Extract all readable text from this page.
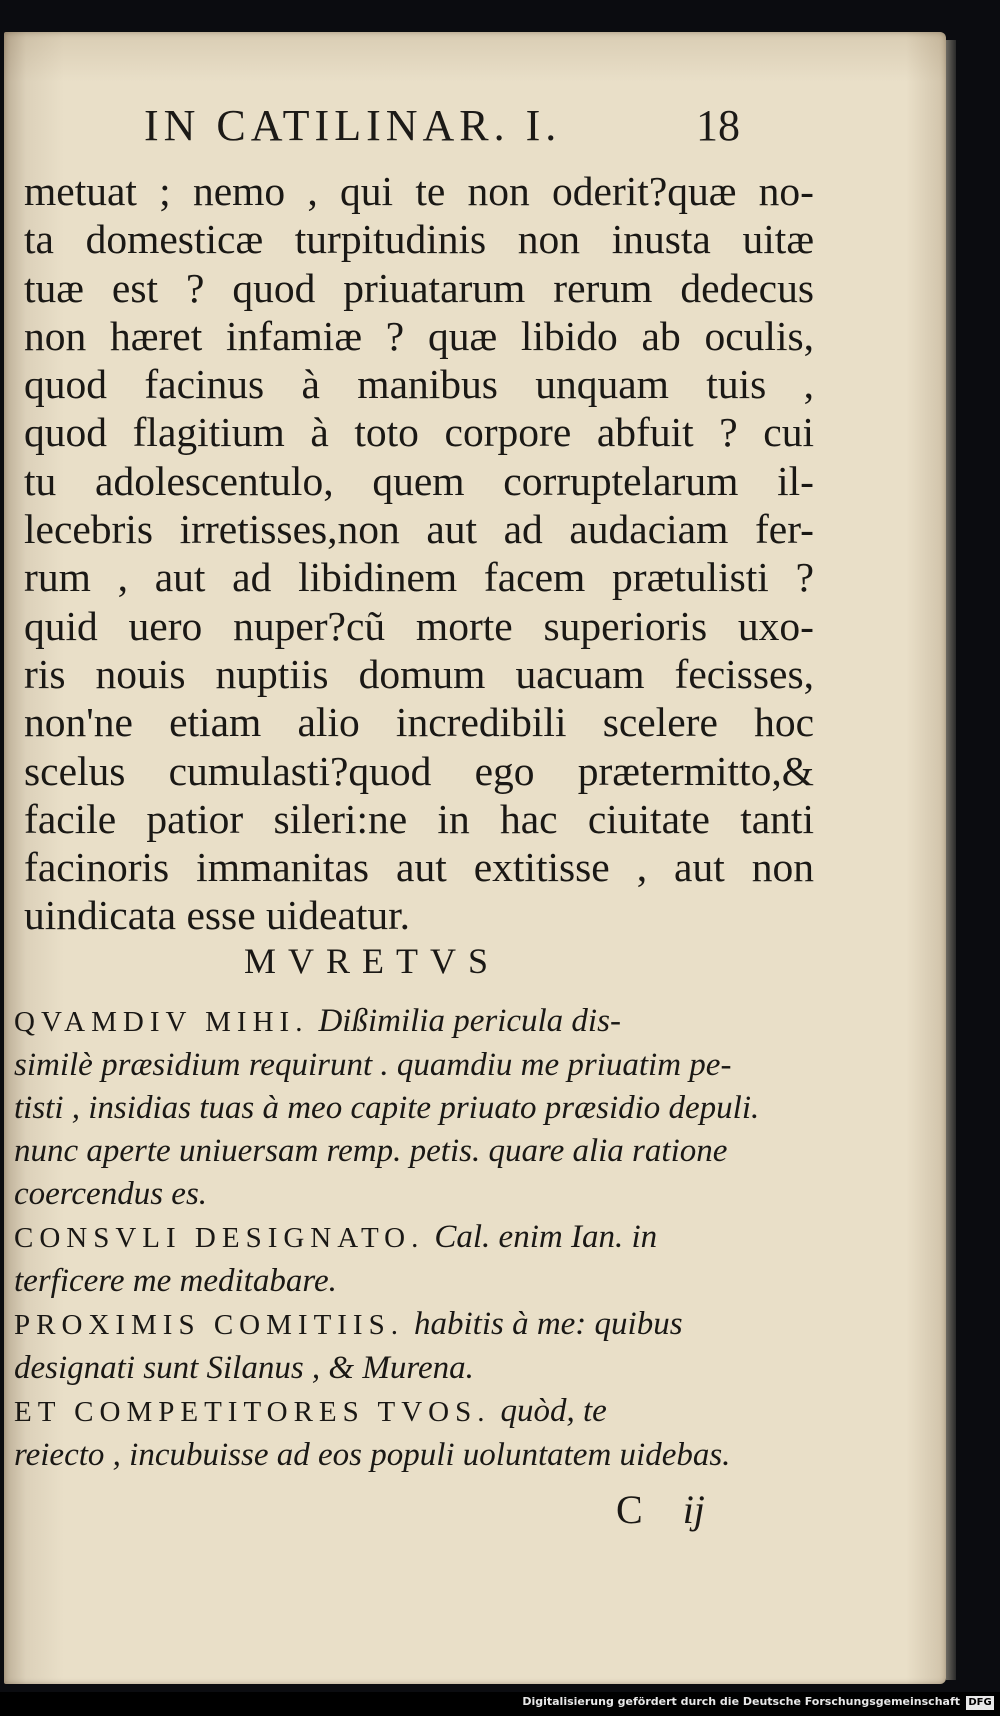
IN CATILINAR. I.	18
metuat ; nemo , qui te non oderit?quæ no-
ta domesticæ turpitudinis non inusta uitæ
tuæ est ? quod priuatarum rerum dedecus
non hæret infamiæ ? quæ libido ab oculis,
quod facinus à manibus unquam tuis ,
quod flagitium à toto corpore abfuit ? cui
tu adolescentulo, quem corruptelarum il-
lecebris irretisses,non aut ad audaciam fer-
rum , aut ad libidinem facem prætulisti ?
quid uero nuper?cũ morte superioris uxo-
ris nouis nuptiis domum uacuam fecisses,
non'ne etiam alio incredibili scelere hoc
scelus cumulasti?quod ego prætermitto,&
facile patior sileri:ne in hac ciuitate tanti
facinoris immanitas aut extitisse , aut non
uindicata esse uideatur.
MVRETVS
QVAMDIV MIHI. Dißimilia pericula dis-
similè præsidium requirunt . quamdiu me priuatim pe-
tisti , insidias tuas à meo capite priuato præsidio depuli.
nunc aperte uniuersam remp. petis. quare alia ratione
coercendus es.
CONSVLI DESIGNATO. Cal. enim Ian. in
terficere me meditabare.
PROXIMIS COMITIIS. habitis à me: quibus
designati sunt Silanus , & Murena.
ET COMPETITORES TVOS. quòd, te
reiecto , incubuisse ad eos populi uoluntatem uidebas.
C ij
Digitalisierung gefördert durch die Deutsche Forschungsgemeinschaft DFG
